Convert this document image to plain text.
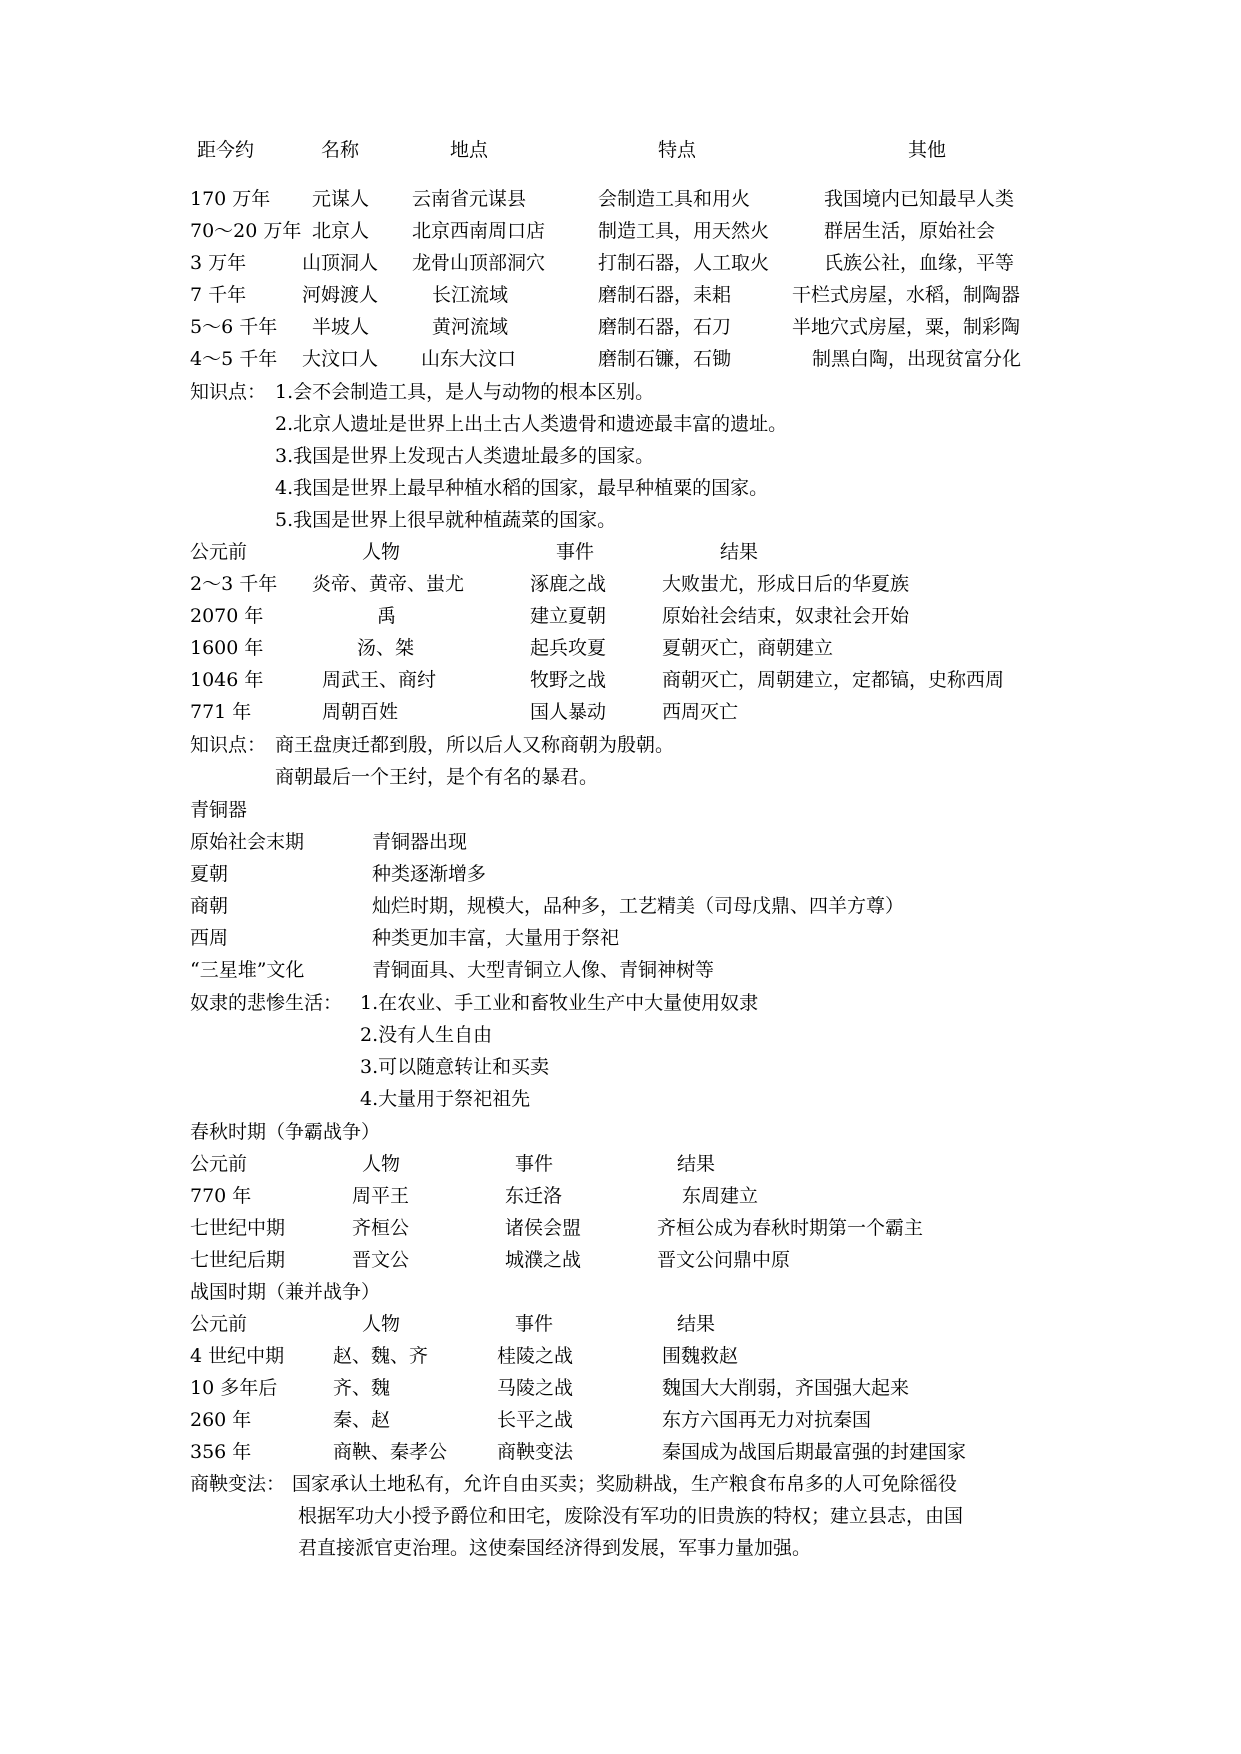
距今约	名称	地点	特点	其他
170 万年 元谋人 云南省元谋县	会制造工具和用火	我国境内已知最早人类
70～20 万年 北京人 北京西南周口店	制造工具，用天然火	群居生活，原始社会
3 万年	山顶洞人 龙骨山顶部洞穴	打制石器，人工取火	氏族公社，血缘，平等
7 千年	河姆渡人	长江流域	磨制石器，耒耜	干栏式房屋，水稻，制陶器
5～6 千年 半坡人	黄河流域	磨制石器，石刀	半地穴式房屋，粟，制彩陶
4～5 千年 大汶口人 山东大汶口	磨制石镰，石锄	制黑白陶，出现贫富分化
知识点： 1.会不会制造工具，是人与动物的根本区别。
2.北京人遗址是世界上出土古人类遗骨和遗迹最丰富的遗址。
3.我国是世界上发现古人类遗址最多的国家。
4.我国是世界上最早种植水稻的国家，最早种植粟的国家。
5.我国是世界上很早就种植蔬菜的国家。
公元前	人物	事件	结果
2～3 千年 炎帝、黄帝、蚩尤	涿鹿之战	大败蚩尤，形成日后的华夏族
2070 年	禹	建立夏朝	原始社会结束，奴隶社会开始
1600 年	汤、桀	起兵攻夏	夏朝灭亡，商朝建立
1046 年	周武王、商纣	牧野之战	商朝灭亡，周朝建立，定都镐，史称西周
771 年	周朝百姓	国人暴动	西周灭亡
知识点： 商王盘庚迁都到殷，所以后人又称商朝为殷朝。
商朝最后一个王纣，是个有名的暴君。
青铜器
原始社会末期	青铜器出现
夏朝	种类逐渐增多
商朝	灿烂时期，规模大，品种多，工艺精美（司母戊鼎、四羊方尊）
西周	种类更加丰富，大量用于祭祀
“三星堆”文化	青铜面具、大型青铜立人像、青铜神树等
奴隶的悲惨生活： 1.在农业、手工业和畜牧业生产中大量使用奴隶
2.没有人生自由
3.可以随意转让和买卖
4.大量用于祭祀祖先
春秋时期（争霸战争）
公元前	人物	事件	结果
770 年	周平王	东迁洛	东周建立
七世纪中期	齐桓公	诸侯会盟	齐桓公成为春秋时期第一个霸主
七世纪后期	晋文公	城濮之战	晋文公问鼎中原
战国时期（兼并战争）
公元前	人物	事件	结果
4 世纪中期	赵、魏、齐	桂陵之战	围魏救赵
10 多年后	齐、魏	马陵之战	魏国大大削弱，齐国强大起来
260 年	秦、赵	长平之战	东方六国再无力对抗秦国
356 年	商鞅、秦孝公	商鞅变法	秦国成为战国后期最富强的封建国家
商鞅变法： 国家承认土地私有，允许自由买卖；奖励耕战，生产粮食布帛多的人可免除徭役
根据军功大小授予爵位和田宅，废除没有军功的旧贵族的特权；建立县志，由国
君直接派官吏治理。这使秦国经济得到发展，军事力量加强。
